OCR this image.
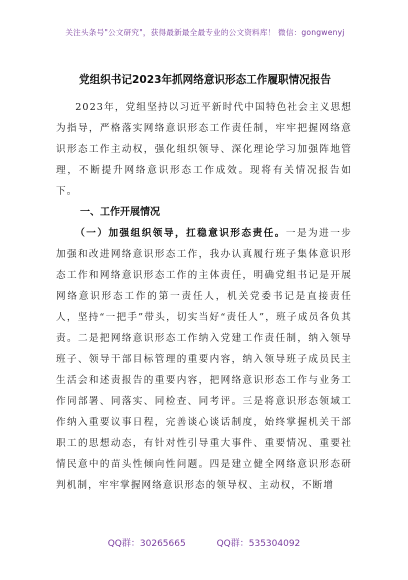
关注头条号"公文研究"，获得最新最全最专业的公文资料库！ 微信：gongwenyj
党组织书记2023年抓网络意识形态工作履职情况报告

2023年，党组坚持以习近平新时代中国特色社会主义思想为指导，严格落实网络意识形态工作责任制，牢牢把握网络意识形态工作主动权，强化组织领导、深化理论学习加强阵地管理，不断提升网络意识形态工作成效。现将有关情况报告如下。

一、工作开展情况

（一）加强组织领导，扛稳意识形态责任。一是为进一步加强和改进网络意识形态工作，我办认真履行班子集体意识形态工作和网络意识形态工作的主体责任，明确党组书记是开展网络意识形态工作的第一责任人，机关党委书记是直接责任人，坚持“一把手”带头，切实当好“责任人”，班子成员各负其责。二是把网络意识形态工作纳入党建工作责任制，纳入领导班子、领导干部目标管理的重要内容，纳入领导班子成员民主生活会和述责报告的重要内容，把网络意识形态工作与业务工作同部署、同落实、同检查、同考评。三是将意识形态领域工作纳入重要议事日程，完善谈心谈话制度，始终掌握机关干部职工的思想动态，有针对性引导重大事件、重要情况、重要社情民意中的苗头性倾向性问题。四是建立健全网络意识形态研判机制，牢牢掌握网络意识形态的领导权、主动权，不断增

QQ群：30265665	QQ群：535304092
